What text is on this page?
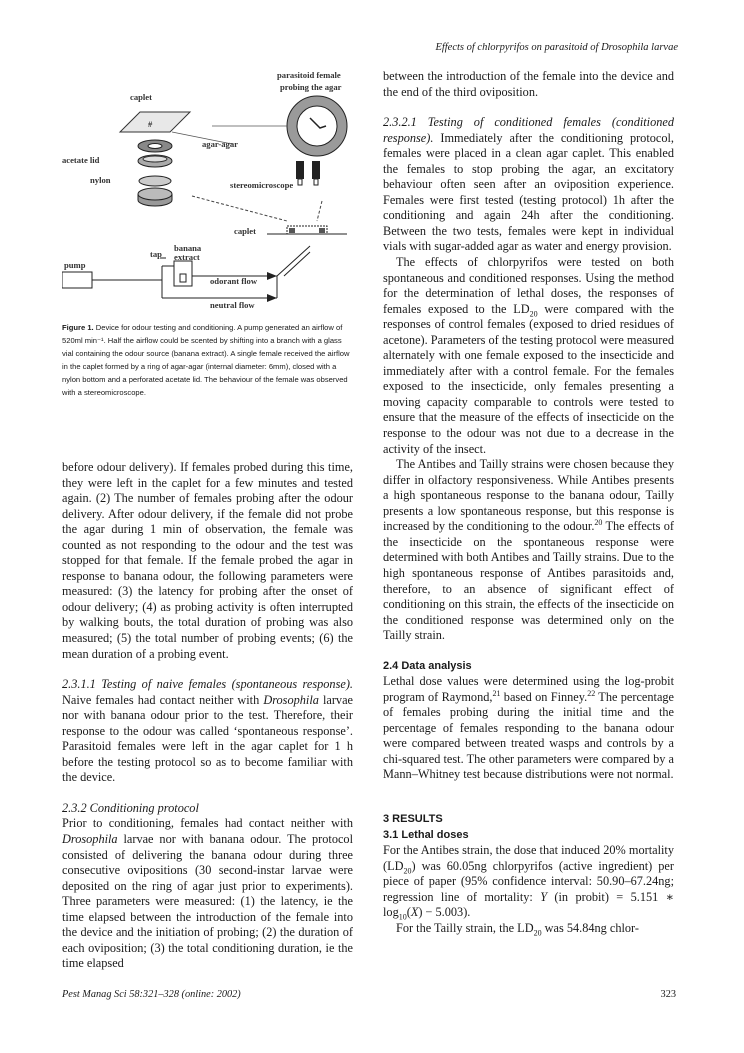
Effects of chlorpyrifos on parasitoid of Drosophila larvae
#
caplet
parasitoid female
probing the agar
agar-agar
acetate lid
nylon	stereomicroscope
caplet
tap
banana
extract
pump
odorant flow
neutral flow
Figure 1. Device for odour testing and conditioning. A pump generated an airflow of 520ml min⁻¹. Half the airflow could be scented by shifting into a branch with a glass vial containing the odour source (banana extract). A single female received the airflow in the caplet formed by a ring of agar-agar (internal diameter: 6mm), closed with a nylon bottom and a perforated acetate lid. The behaviour of the female was observed with a stereomicroscope.

before odour delivery). If females probed during this time, they were left in the caplet for a few minutes and tested again. (2) The number of females probing after the odour delivery. After odour delivery, if the female did not probe the agar during 1 min of observation, the female was counted as not responding to the odour and the test was stopped for that female. If the female probed the agar in response to banana odour, the following parameters were measured: (3) the latency for probing after the onset of odour delivery; (4) as probing activity is often interrupted by walking bouts, the total duration of probing was also measured; (5) the total number of probing events; (6) the mean duration of a probing event.

2.3.1.1 Testing of naive females (spontaneous response). Naive females had contact neither with Drosophila larvae nor with banana odour prior to the test. Therefore, their response to the odour was called ‘spontaneous response’. Parasitoid females were left in the agar caplet for 1 h before the testing protocol so as to become familiar with the device.

2.3.2 Conditioning protocol

Prior to conditioning, females had contact neither with Drosophila larvae nor with banana odour. The protocol consisted of delivering the banana odour during three consecutive ovipositions (30 second-instar larvae were deposited on the ring of agar just prior to experiments). Three parameters were measured: (1) the latency, ie the time elapsed between the introduction of the female into the device and the initiation of probing; (2) the duration of each oviposition; (3) the total conditioning duration, ie the time elapsed

between the introduction of the female into the device and the end of the third oviposition.

2.3.2.1 Testing of conditioned females (conditioned response). Immediately after the conditioning protocol, females were placed in a clean agar caplet. This enabled the females to stop probing the agar, an excitatory behaviour often seen after an oviposition experience. Females were first tested (testing protocol) 1h after the conditioning and again 24h after the conditioning. Between the two tests, females were kept in individual vials with sugar-added agar as water and energy provision.

The effects of chlorpyrifos were tested on both spontaneous and conditioned responses. Using the method for the determination of lethal doses, the responses of females exposed to the $LD_{20}$ were compared with the responses of control females (exposed to dried residues of acetone). Parameters of the testing protocol were measured alternately with one female exposed to the insecticide and immediately after with a control female. For the females exposed to the insecticide, only females presenting a moving capacity comparable to controls were tested to ensure that the measure of the effects of insecticide on the response to the odour was not due to a decrease in the activity of the insect.

The Antibes and Tailly strains were chosen because they differ in olfactory responsiveness. While Antibes presents a high spontaneous response to the banana odour, Tailly presents a low spontaneous response, but this response is increased by the conditioning to the odour.$^{20}$ The effects of the insecticide on the spontaneous response were determined with both Antibes and Tailly strains. Due to the high spontaneous response of Antibes parasitoids and, therefore, to an absence of significant effect of conditioning on this strain, the effects of the insecticide on the conditioned response was determined only on the Tailly strain.

2.4 Data analysis

Lethal dose values were determined using the log-probit program of Raymond,$^{21}$ based on Finney.$^{22}$ The percentage of females probing during the initial time and the percentage of females responding to the banana odour were compared between treated wasps and controls by a chi-squared test. The other parameters were compared by a Mann–Whitney test because distributions were not normal.

3 RESULTS
3.1 Lethal doses

For the Antibes strain, the dose that induced 20% mortality $(LD_{20})$ was 60.05ng chlorpyrifos (active ingredient) per piece of paper (95% confidence interval: 50.90–67.24ng; regression line of mortality: Y (in probit) = 5.151 ∗ $\log_{10}(X) - 5.003$).

For the Tailly strain, the $LD_{20}$ was 54.84ng chlor-

Pest Manag Sci 58:321–328 (online: 2002)	323
